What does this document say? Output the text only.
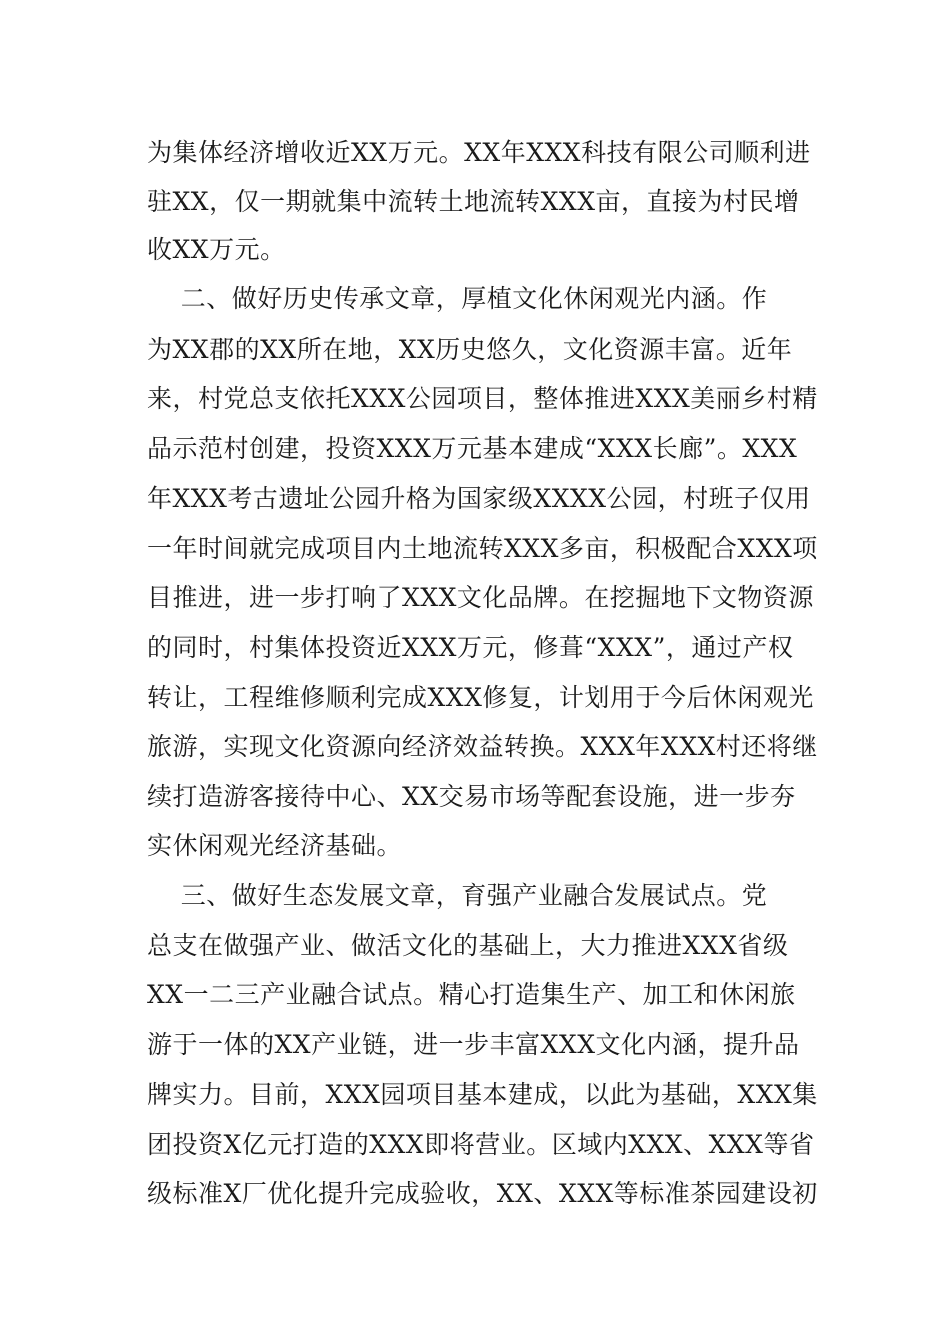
为集体经济增收近XX万元。XX年XXX科技有限公司顺利进
驻XX，仅一期就集中流转土地流转XXX亩，直接为村民增
收XX万元。
二、做好历史传承文章，厚植文化休闲观光内涵。作
为XX郡的XX所在地，XX历史悠久，文化资源丰富。近年
来，村党总支依托XXX公园项目，整体推进XXX美丽乡村精
品示范村创建，投资XXX万元基本建成“XXX长廊”。XXX
年XXX考古遗址公园升格为国家级XXXX公园，村班子仅用
一年时间就完成项目内土地流转XXX多亩，积极配合XXX项
目推进，进一步打响了XXX文化品牌。在挖掘地下文物资源
的同时，村集体投资近XXX万元，修葺“XXX”，通过产权
转让，工程维修顺利完成XXX修复，计划用于今后休闲观光
旅游，实现文化资源向经济效益转换。XXX年XXX村还将继
续打造游客接待中心、XX交易市场等配套设施，进一步夯
实休闲观光经济基础。
三、做好生态发展文章，育强产业融合发展试点。党
总支在做强产业、做活文化的基础上，大力推进XXX省级
XX一二三产业融合试点。精心打造集生产、加工和休闲旅
游于一体的XX产业链，进一步丰富XXX文化内涵，提升品
牌实力。目前，XXX园项目基本建成，以此为基础，XXX集
团投资X亿元打造的XXX即将营业。区域内XXX、XXX等省
级标准X厂优化提升完成验收，XX、XXX等标准茶园建设初
